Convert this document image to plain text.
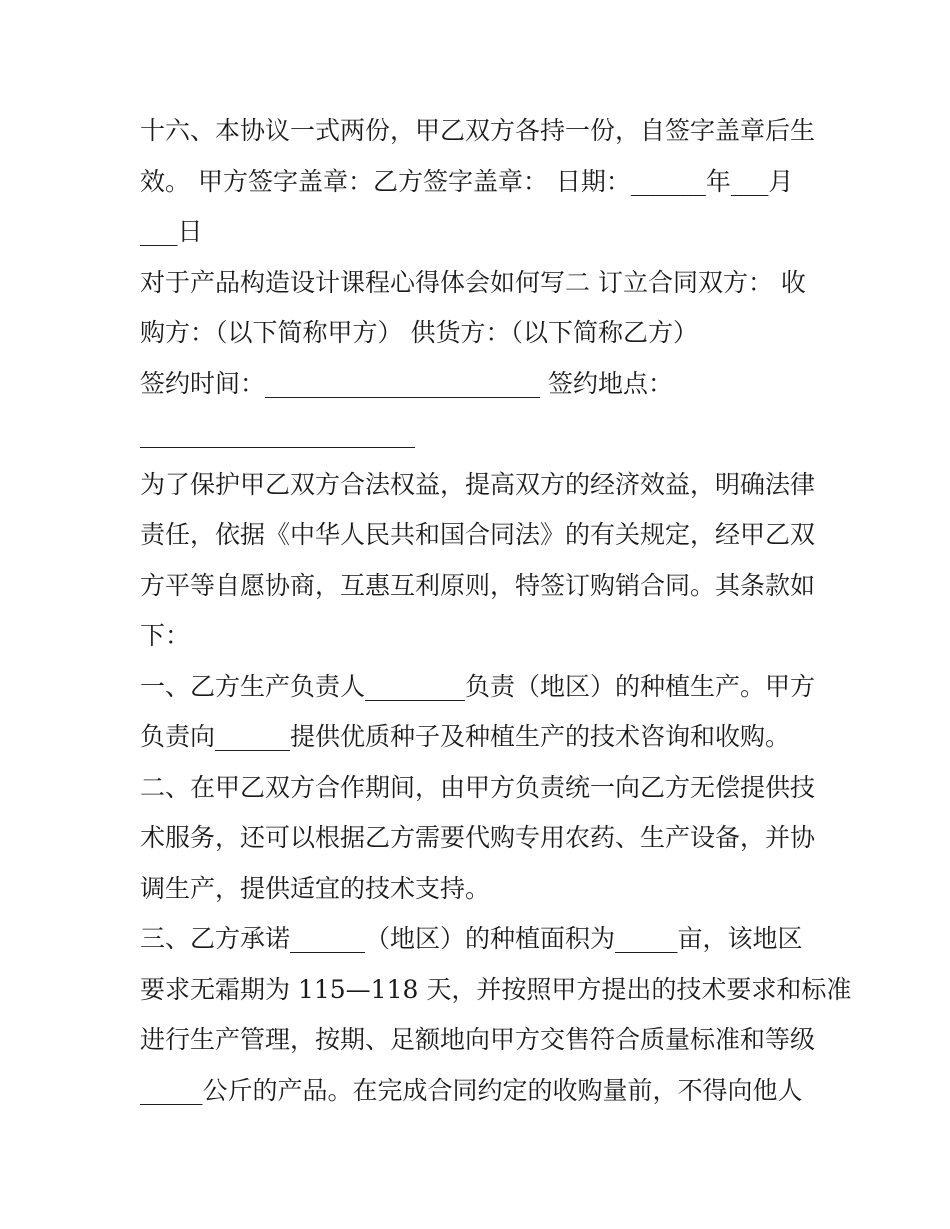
十六、本协议一式两份，甲乙双方各持一份，自签字盖章后生
效。 甲方签字盖章：乙方签字盖章： 日期：______年___月
___日
对于产品构造设计课程心得体会如何写二 订立合同双方： 收
购方：（以下简称甲方） 供货方：（以下简称乙方）
签约时间：______________________ 签约地点：
______________________
为了保护甲乙双方合法权益，提高双方的经济效益，明确法律
责任，依据《中华人民共和国合同法》的有关规定，经甲乙双
方平等自愿协商，互惠互利原则，特签订购销合同。其条款如
下：
一、乙方生产负责人________负责（地区）的种植生产。甲方
负责向______提供优质种子及种植生产的技术咨询和收购。
二、在甲乙双方合作期间，由甲方负责统一向乙方无偿提供技
术服务，还可以根据乙方需要代购专用农药、生产设备，并协
调生产，提供适宜的技术支持。
三、乙方承诺______（地区）的种植面积为_____亩，该地区
要求无霜期为 115—118 天，并按照甲方提出的技术要求和标准
进行生产管理，按期、足额地向甲方交售符合质量标准和等级
_____公斤的产品。在完成合同约定的收购量前，不得向他人
